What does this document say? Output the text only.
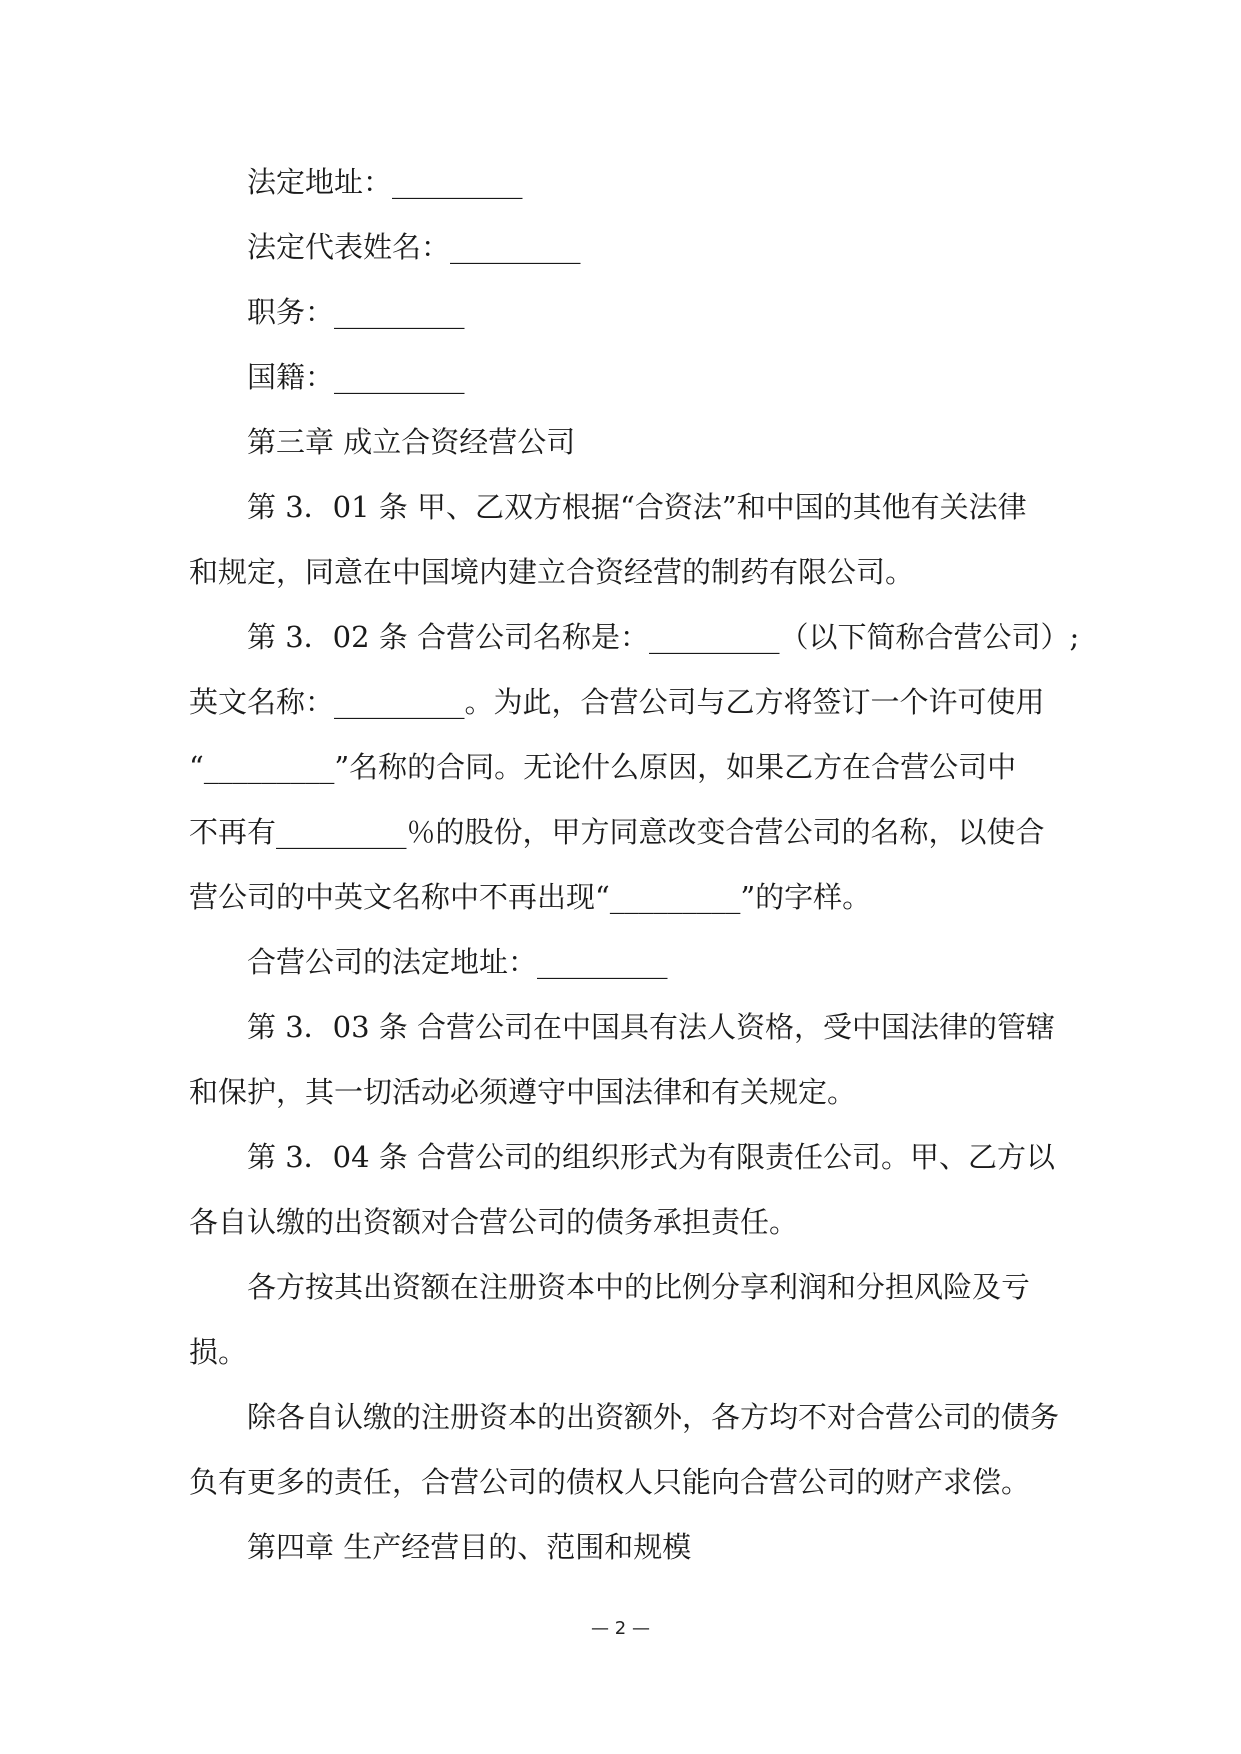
法定地址：_________
法定代表姓名：_________
职务：_________
国籍：_________
第三章 成立合资经营公司
第 3．01 条 甲、乙双方根据“合资法”和中国的其他有关法律
和规定，同意在中国境内建立合资经营的制药有限公司。
第 3．02 条 合营公司名称是：_________（以下简称合营公司）;
英文名称：_________。为此，合营公司与乙方将签订一个许可使用
“_________”名称的合同。无论什么原因，如果乙方在合营公司中
不再有_________％的股份，甲方同意改变合营公司的名称，以使合
营公司的中英文名称中不再出现“_________”的字样。
合营公司的法定地址：_________
第 3．03 条 合营公司在中国具有法人资格，受中国法律的管辖
和保护，其一切活动必须遵守中国法律和有关规定。
第 3．04 条 合营公司的组织形式为有限责任公司。甲、乙方以
各自认缴的出资额对合营公司的债务承担责任。
各方按其出资额在注册资本中的比例分享利润和分担风险及亏
损。
除各自认缴的注册资本的出资额外，各方均不对合营公司的债务
负有更多的责任，合营公司的债权人只能向合营公司的财产求偿。
第四章 生产经营目的、范围和规模
— 2 —
